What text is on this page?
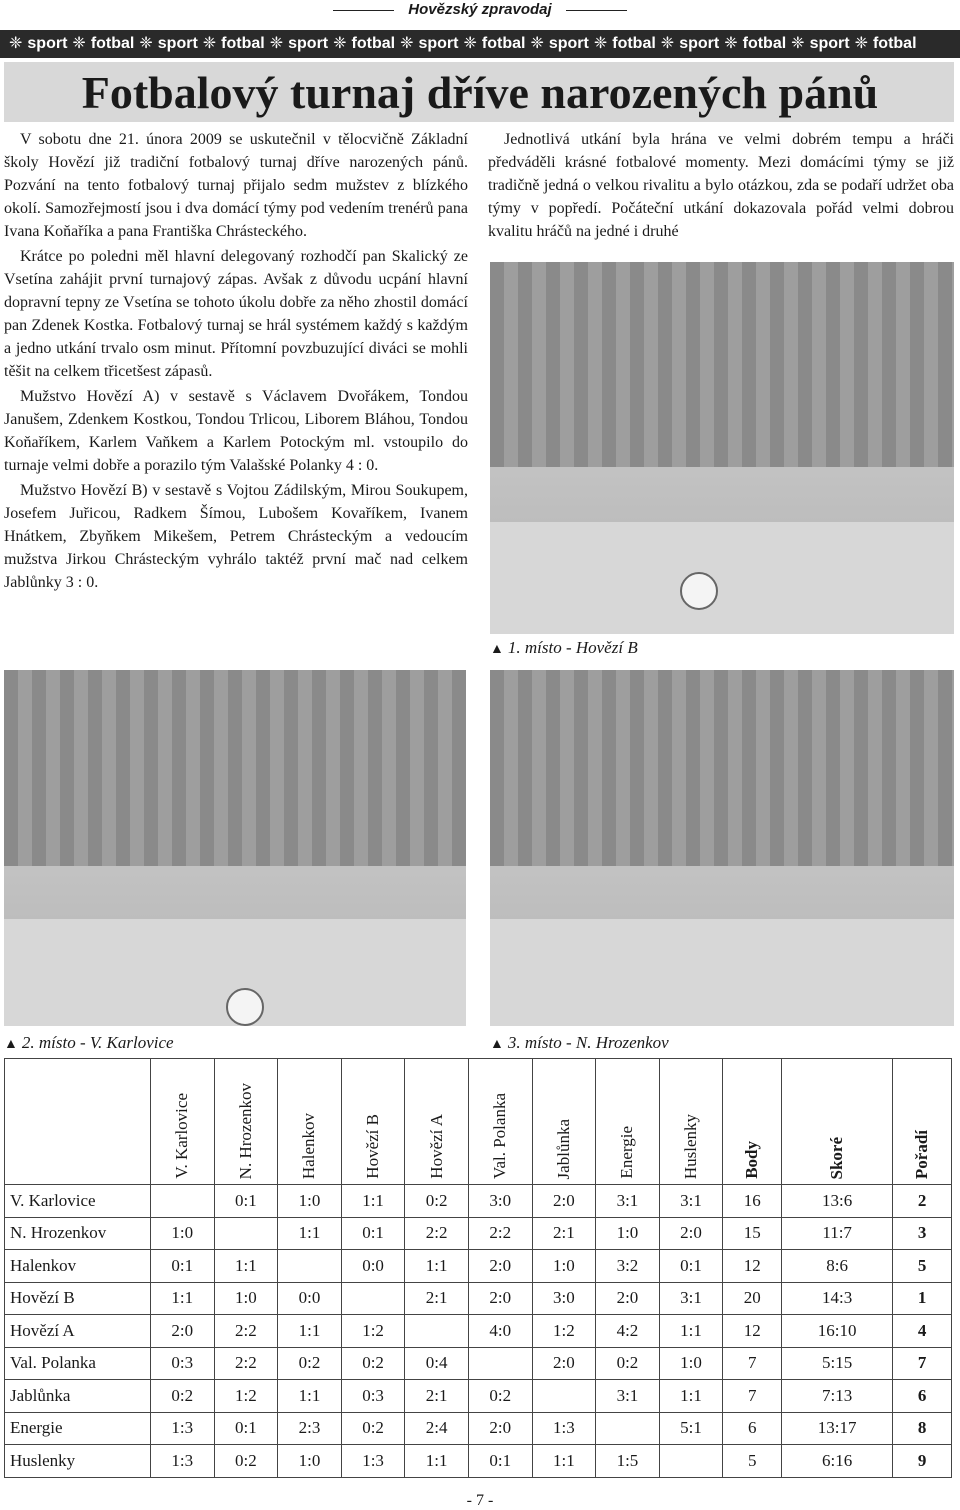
Hovězský zpravodaj
❈ sport ❈ fotbal ❈ sport ❈ fotbal ❈ sport ❈ fotbal ❈ sport ❈ fotbal ❈ sport ❈ fotbal ❈ sport ❈ fotbal ❈ sport ❈ fotbal
Fotbalový turnaj dříve narozených pánů

V sobotu dne 21. února 2009 se uskutečnil v tělocvičně Základní školy Hovězí již tradiční fotbalový turnaj dříve narozených pánů. Pozvání na tento fotbalový turnaj přijalo sedm mužstev z blízkého okolí. Samozřejmostí jsou i dva domácí týmy pod vedením trenérů pana Ivana Koňaříka a pana Františka Chrásteckého.

Krátce po poledni měl hlavní delegovaný rozhodčí pan Skalický ze Vsetína zahájit první turnajový zápas. Avšak z důvodu ucpání hlavní dopravní tepny ze Vsetína se tohoto úkolu dobře za něho zhostil domácí pan Zdenek Kostka. Fotbalový turnaj se hrál systémem každý s každým a jedno utkání trvalo osm minut. Přítomní povzbuzující diváci se mohli těšit na celkem třicetšest zápasů.

Mužstvo Hovězí A) v sestavě s Václavem Dvořákem, Tondou Janušem, Zdenkem Kostkou, Tondou Trlicou, Liborem Bláhou, Tondou Koňaříkem, Karlem Vaňkem a Karlem Potockým ml. vstoupilo do turnaje velmi dobře a porazilo tým Valašské Polanky 4 : 0.

Mužstvo Hovězí B) v sestavě s Vojtou Zádilským, Mirou Soukupem, Josefem Juřicou, Radkem Šímou, Lubošem Kovaříkem, Ivanem Hnátkem, Zbyňkem Mikešem, Petrem Chrásteckým a vedoucím mužstva Jirkou Chrásteckým vyhrálo taktéž první mač nad celkem Jablůnky 3 : 0.

Jednotlivá utkání byla hrána ve velmi dobrém tempu a hráči předváděli krásné fotbalové momenty. Mezi domácími týmy se již tradičně jedná o velkou rivalitu a bylo otázkou, zda se podaří udržet oba týmy v popředí. Počáteční utkání dokazovala pořád velmi dobrou kvalitu hráčů na jedné i druhé

▲ 1. místo - Hovězí B
▲ 2. místo - V. Karlovice	▲ 3. místo - N. Hrozenkov
	V. Karlovice	N. Hrozenkov	Halenkov	Hovězí B	Hovězí A	Val. Polanka	Jablůnka	Energie	Huslenky	Body	Skoré	Pořadí
V. Karlovice		0:1	1:0	1:1	0:2	3:0	2:0	3:1	3:1	16	13:6	2
N. Hrozenkov	1:0		1:1	0:1	2:2	2:2	2:1	1:0	2:0	15	11:7	3
Halenkov	0:1	1:1		0:0	1:1	2:0	1:0	3:2	0:1	12	8:6	5
Hovězí B	1:1	1:0	0:0		2:1	2:0	3:0	2:0	3:1	20	14:3	1
Hovězí A	2:0	2:2	1:1	1:2		4:0	1:2	4:2	1:1	12	16:10	4
Val. Polanka	0:3	2:2	0:2	0:2	0:4		2:0	0:2	1:0	7	5:15	7
Jablůnka	0:2	1:2	1:1	0:3	2:1	0:2		3:1	1:1	7	7:13	6
Energie	1:3	0:1	2:3	0:2	2:4	2:0	1:3		5:1	6	13:17	8
Huslenky	1:3	0:2	1:0	1:3	1:1	0:1	1:1	1:5		5	6:16	9
- 7 -
